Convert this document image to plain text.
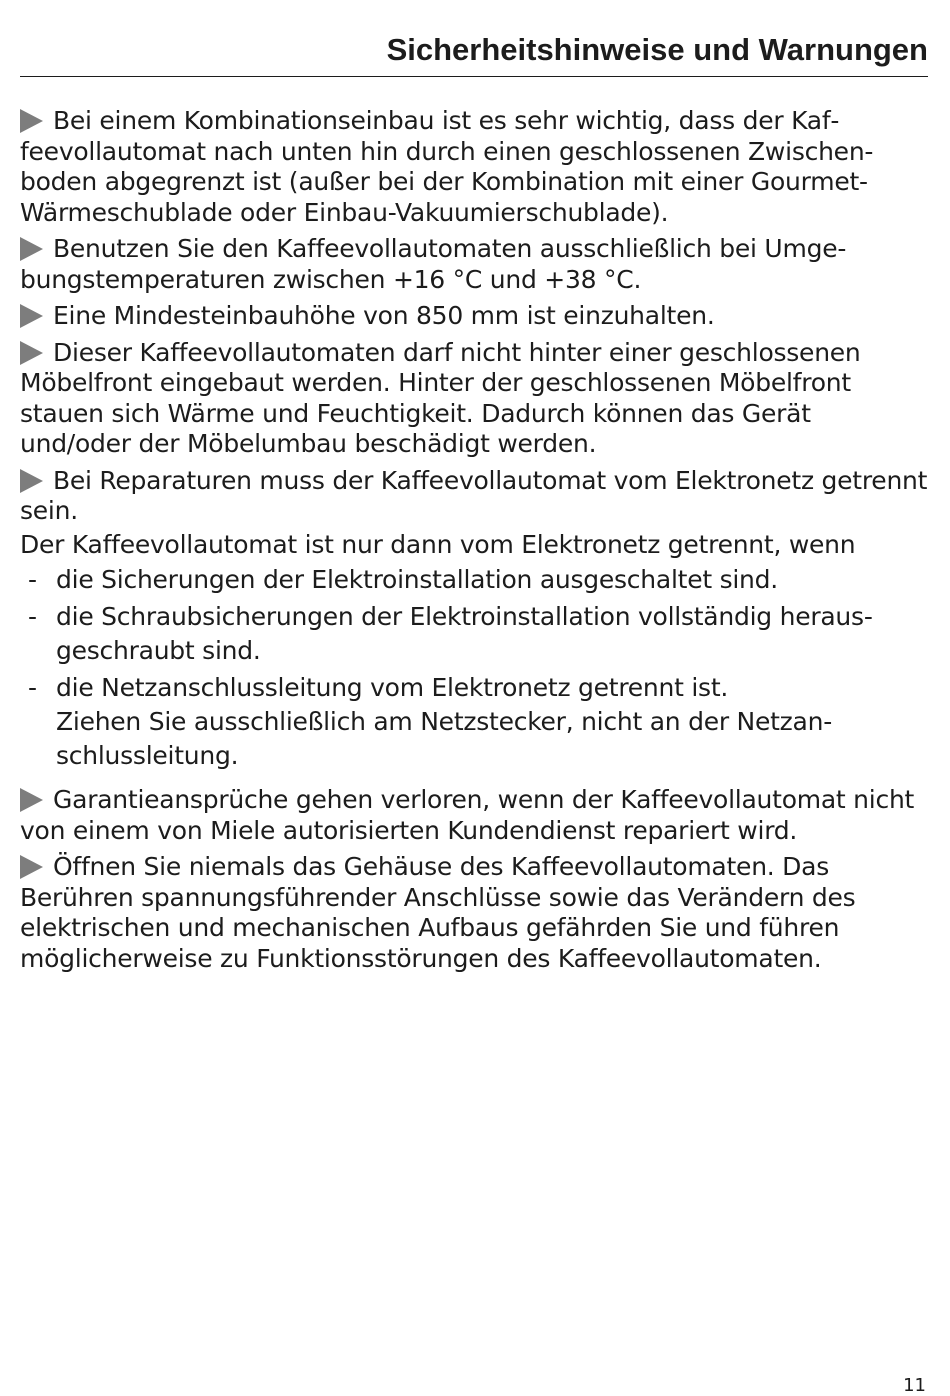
Sicherheitshinweise und Warnungen

Bei einem Kombinationseinbau ist es sehr wichtig, dass der Kaffeevollautomat nach unten hin durch einen geschlossenen Zwischenboden abgegrenzt ist (außer bei der Kombination mit einer Gourmet-Wärmeschublade oder Einbau-Vakuumierschublade).

Benutzen Sie den Kaffeevollautomaten ausschließlich bei Umgebungstemperaturen zwischen +16 °C und +38 °C.

Eine Mindesteinbauhöhe von 850 mm ist einzuhalten.

Dieser Kaffeevollautomaten darf nicht hinter einer geschlossenen Möbelfront eingebaut werden. Hinter der geschlossenen Möbelfront stauen sich Wärme und Feuchtigkeit. Dadurch können das Gerät und/oder der Möbelumbau beschädigt werden.

Bei Reparaturen muss der Kaffeevollautomat vom Elektronetz getrennt sein.

Der Kaffeevollautomat ist nur dann vom Elektronetz getrennt, wenn

- die Sicherungen der Elektroinstallation ausgeschaltet sind.
- die Schraubsicherungen der Elektroinstallation vollständig herausgeschraubt sind.
- die Netzanschlussleitung vom Elektronetz getrennt ist.
Ziehen Sie ausschließlich am Netzstecker, nicht an der Netzanschlussleitung.

Garantieansprüche gehen verloren, wenn der Kaffeevollautomat nicht von einem von Miele autorisierten Kundendienst repariert wird.

Öffnen Sie niemals das Gehäuse des Kaffeevollautomaten. Das Berühren spannungsführender Anschlüsse sowie das Verändern des elektrischen und mechanischen Aufbaus gefährden Sie und führen möglicherweise zu Funktionsstörungen des Kaffeevollautomaten.

11
